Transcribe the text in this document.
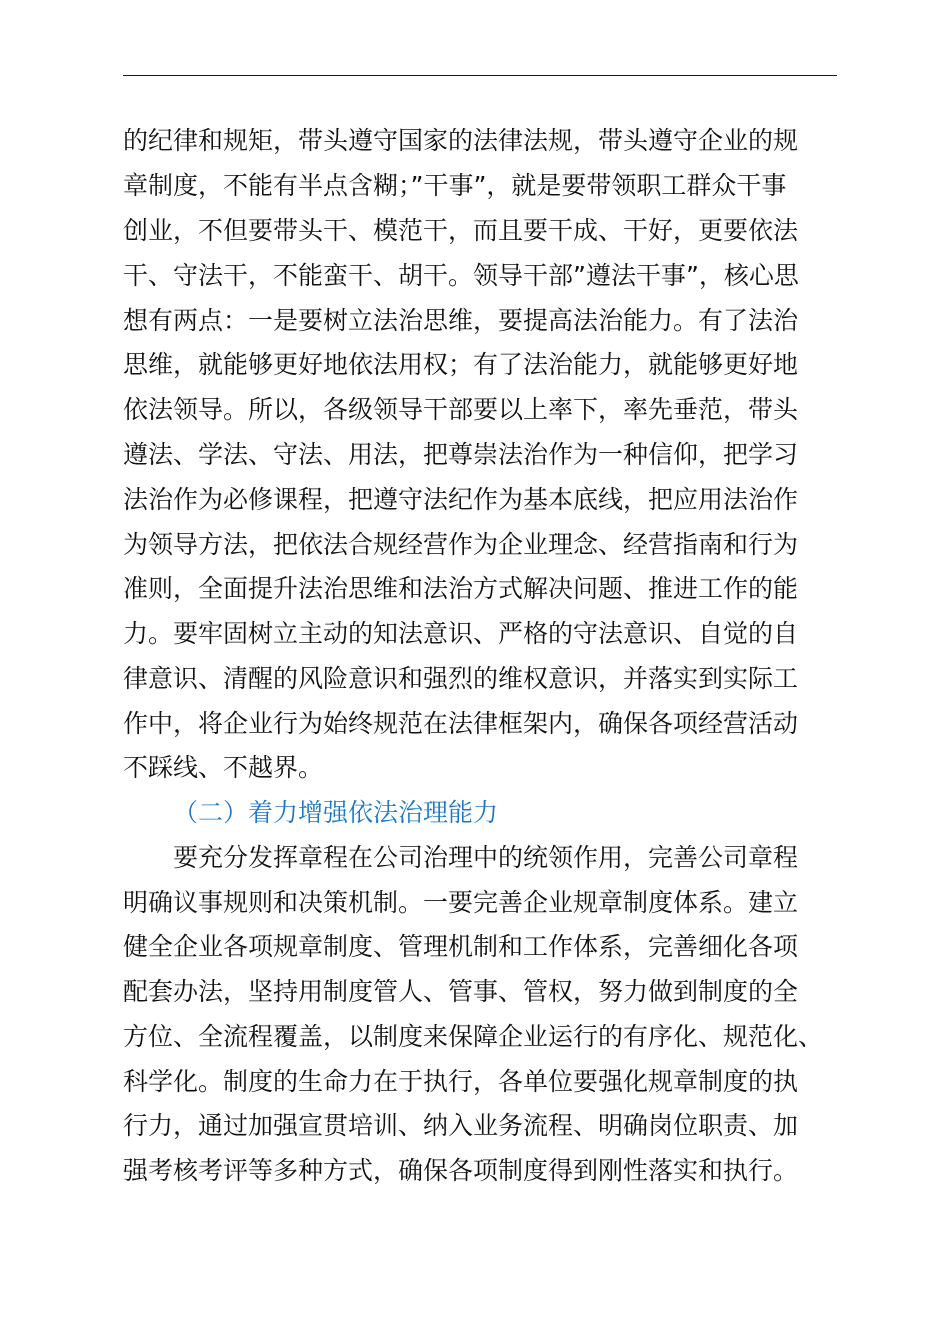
的纪律和规矩，带头遵守国家的法律法规，带头遵守企业的规
章制度，不能有半点含糊；”干事”，就是要带领职工群众干事
创业，不但要带头干、模范干，而且要干成、干好，更要依法
干、守法干，不能蛮干、胡干。领导干部”遵法干事”，核心思
想有两点：一是要树立法治思维，要提高法治能力。有了法治
思维，就能够更好地依法用权；有了法治能力，就能够更好地
依法领导。所以，各级领导干部要以上率下，率先垂范，带头
遵法、学法、守法、用法，把尊崇法治作为一种信仰，把学习
法治作为必修课程，把遵守法纪作为基本底线，把应用法治作
为领导方法，把依法合规经营作为企业理念、经营指南和行为
准则，全面提升法治思维和法治方式解决问题、推进工作的能
力。要牢固树立主动的知法意识、严格的守法意识、自觉的自
律意识、清醒的风险意识和强烈的维权意识，并落实到实际工
作中，将企业行为始终规范在法律框架内，确保各项经营活动
不踩线、不越界。
（二）着力增强依法治理能力
要充分发挥章程在公司治理中的统领作用，完善公司章程
明确议事规则和决策机制。一要完善企业规章制度体系。建立
健全企业各项规章制度、管理机制和工作体系，完善细化各项
配套办法，坚持用制度管人、管事、管权，努力做到制度的全
方位、全流程覆盖，以制度来保障企业运行的有序化、规范化、
科学化。制度的生命力在于执行，各单位要强化规章制度的执
行力，通过加强宣贯培训、纳入业务流程、明确岗位职责、加
强考核考评等多种方式，确保各项制度得到刚性落实和执行。
